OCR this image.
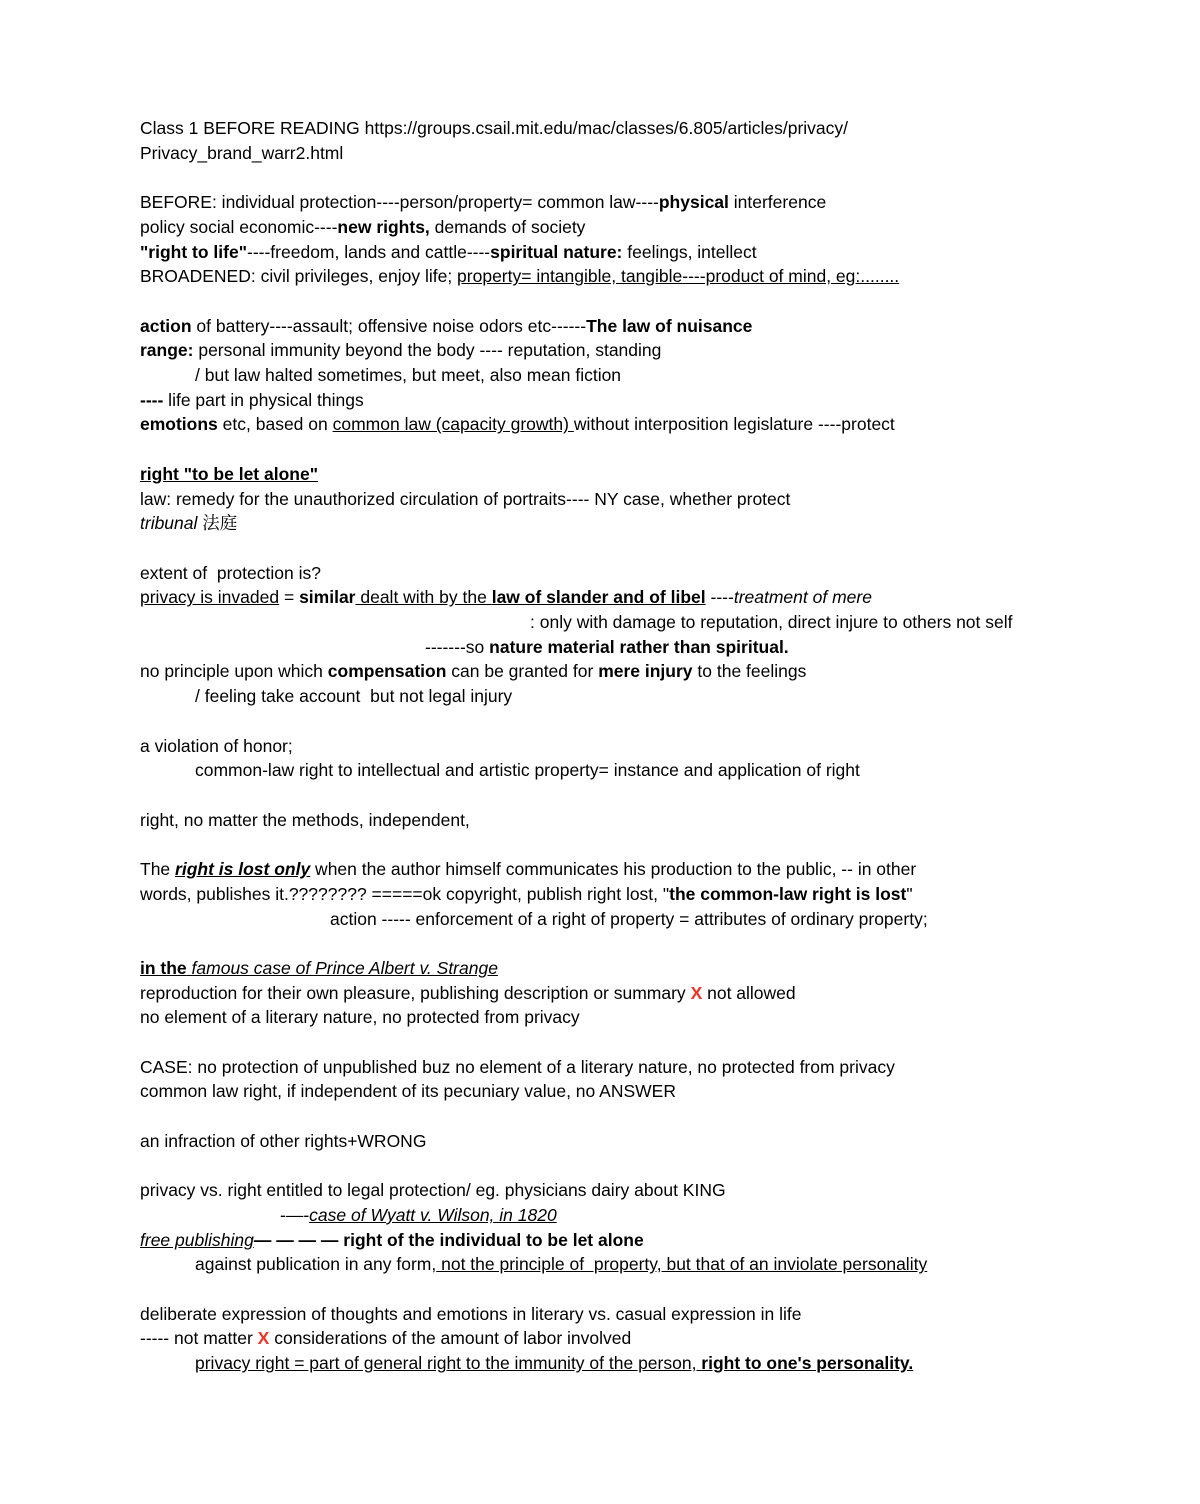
Class 1 BEFORE READING https://groups.csail.mit.edu/mac/classes/6.805/articles/privacy/
Privacy_brand_warr2.html

BEFORE: individual protection----person/property= common law----physical interference
policy social economic----new rights, demands of society
"right to life"----freedom, lands and cattle----spiritual nature: feelings, intellect
BROADENED: civil privileges, enjoy life; property= intangible, tangible----product of mind, eg:........

action of battery----assault; offensive noise odors etc------The law of nuisance
range: personal immunity beyond the body ---- reputation, standing
/ but law halted sometimes, but meet, also mean fiction
---- life part in physical things
emotions etc, based on common law (capacity growth) without interposition legislature ----protect

right "to be let alone"
law: remedy for the unauthorized circulation of portraits---- NY case, whether protect
tribunal 法庭

extent of  protection is?
privacy is invaded = similar dealt with by the law of slander and of libel ----treatment of mere
: only with damage to reputation, direct injure to others not self
-------so nature material rather than spiritual.
no principle upon which compensation can be granted for mere injury to the feelings
/ feeling take account  but not legal injury

a violation of honor;
common-law right to intellectual and artistic property= instance and application of right

right, no matter the methods, independent,

The right is lost only when the author himself communicates his production to the public, -- in other
words, publishes it.???????? =====ok copyright, publish right lost, "the common-law right is lost"
action ----- enforcement of a right of property = attributes of ordinary property;

in the famous case of Prince Albert v. Strange
reproduction for their own pleasure, publishing description or summary X not allowed
no element of a literary nature, no protected from privacy

CASE: no protection of unpublished buz no element of a literary nature, no protected from privacy
common law right, if independent of its pecuniary value, no ANSWER

an infraction of other rights+WRONG

privacy vs. right entitled to legal protection/ eg. physicians dairy about KING
-—-case of Wyatt v. Wilson, in 1820
free publishing— — — — right of the individual to be let alone
against publication in any form, not the principle of  property, but that of an inviolate personality

deliberate expression of thoughts and emotions in literary vs. casual expression in life
----- not matter X considerations of the amount of labor involved
privacy right = part of general right to the immunity of the person, right to one's personality.
